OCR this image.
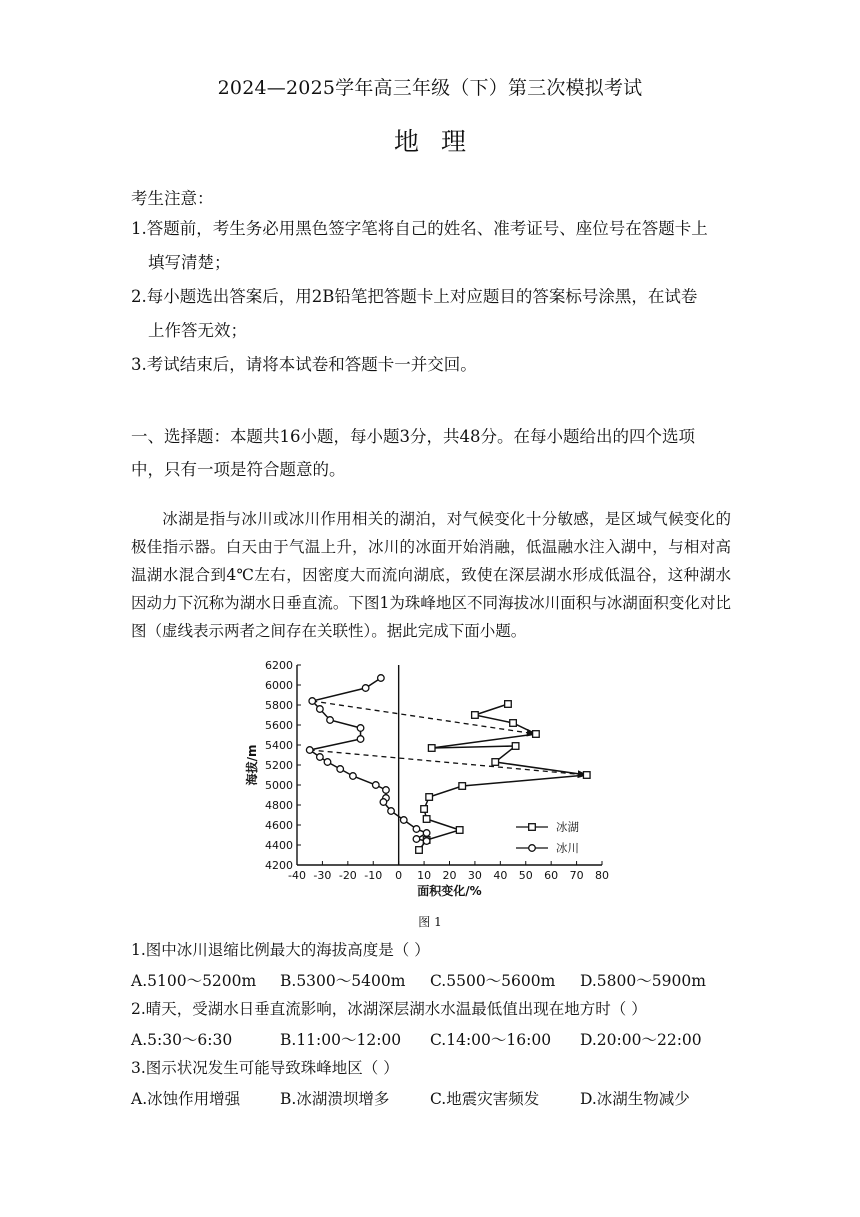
2024—2025学年高三年级（下）第三次模拟考试
地理
考生注意：
1.答题前，考生务必用黑色签字笔将自己的姓名、准考证号、座位号在答题卡上
填写清楚；
2.每小题选出答案后，用2B铅笔把答题卡上对应题目的答案标号涂黑，在试卷
上作答无效；
3.考试结束后，请将本试卷和答题卡一并交回。
一、选择题：本题共16小题，每小题3分，共48分。在每小题给出的四个选项
中，只有一项是符合题意的。
冰湖是指与冰川或冰川作用相关的湖泊，对气候变化十分敏感，是区域气候变化的极佳指示器。白天由于气温上升，冰川的冰面开始消融，低温融水注入湖中，与相对高温湖水混合到4℃左右，因密度大而流向湖底，致使在深层湖水形成低温谷，这种湖水因动力下沉称为湖水日垂直流。下图1为珠峰地区不同海拔冰川面积与冰湖面积变化对比图（虚线表示两者之间存在关联性）。据此完成下面小题。
4200
4400
4600
4800
5000
5200
5400
5600
5800
6000
6200
-40 -30 -20 -10 0 10 20 30 40 50 60 70 80
面积变化/%
海拔/m
冰湖
冰川
图 1
1.图中冰川退缩比例最大的海拔高度是（ ）
A.5100～5200m B.5300～5400m C.5500～5600m D.5800～5900m
2.晴天，受湖水日垂直流影响，冰湖深层湖水水温最低值出现在地方时（ ）
A.5:30～6:30	B.11:00～12:00 C.14:00～16:00 D.20:00～22:00
3.图示状况发生可能导致珠峰地区（ ）
A.冰蚀作用增强	B.冰湖溃坝增多	C.地震灾害频发	D.冰湖生物减少
